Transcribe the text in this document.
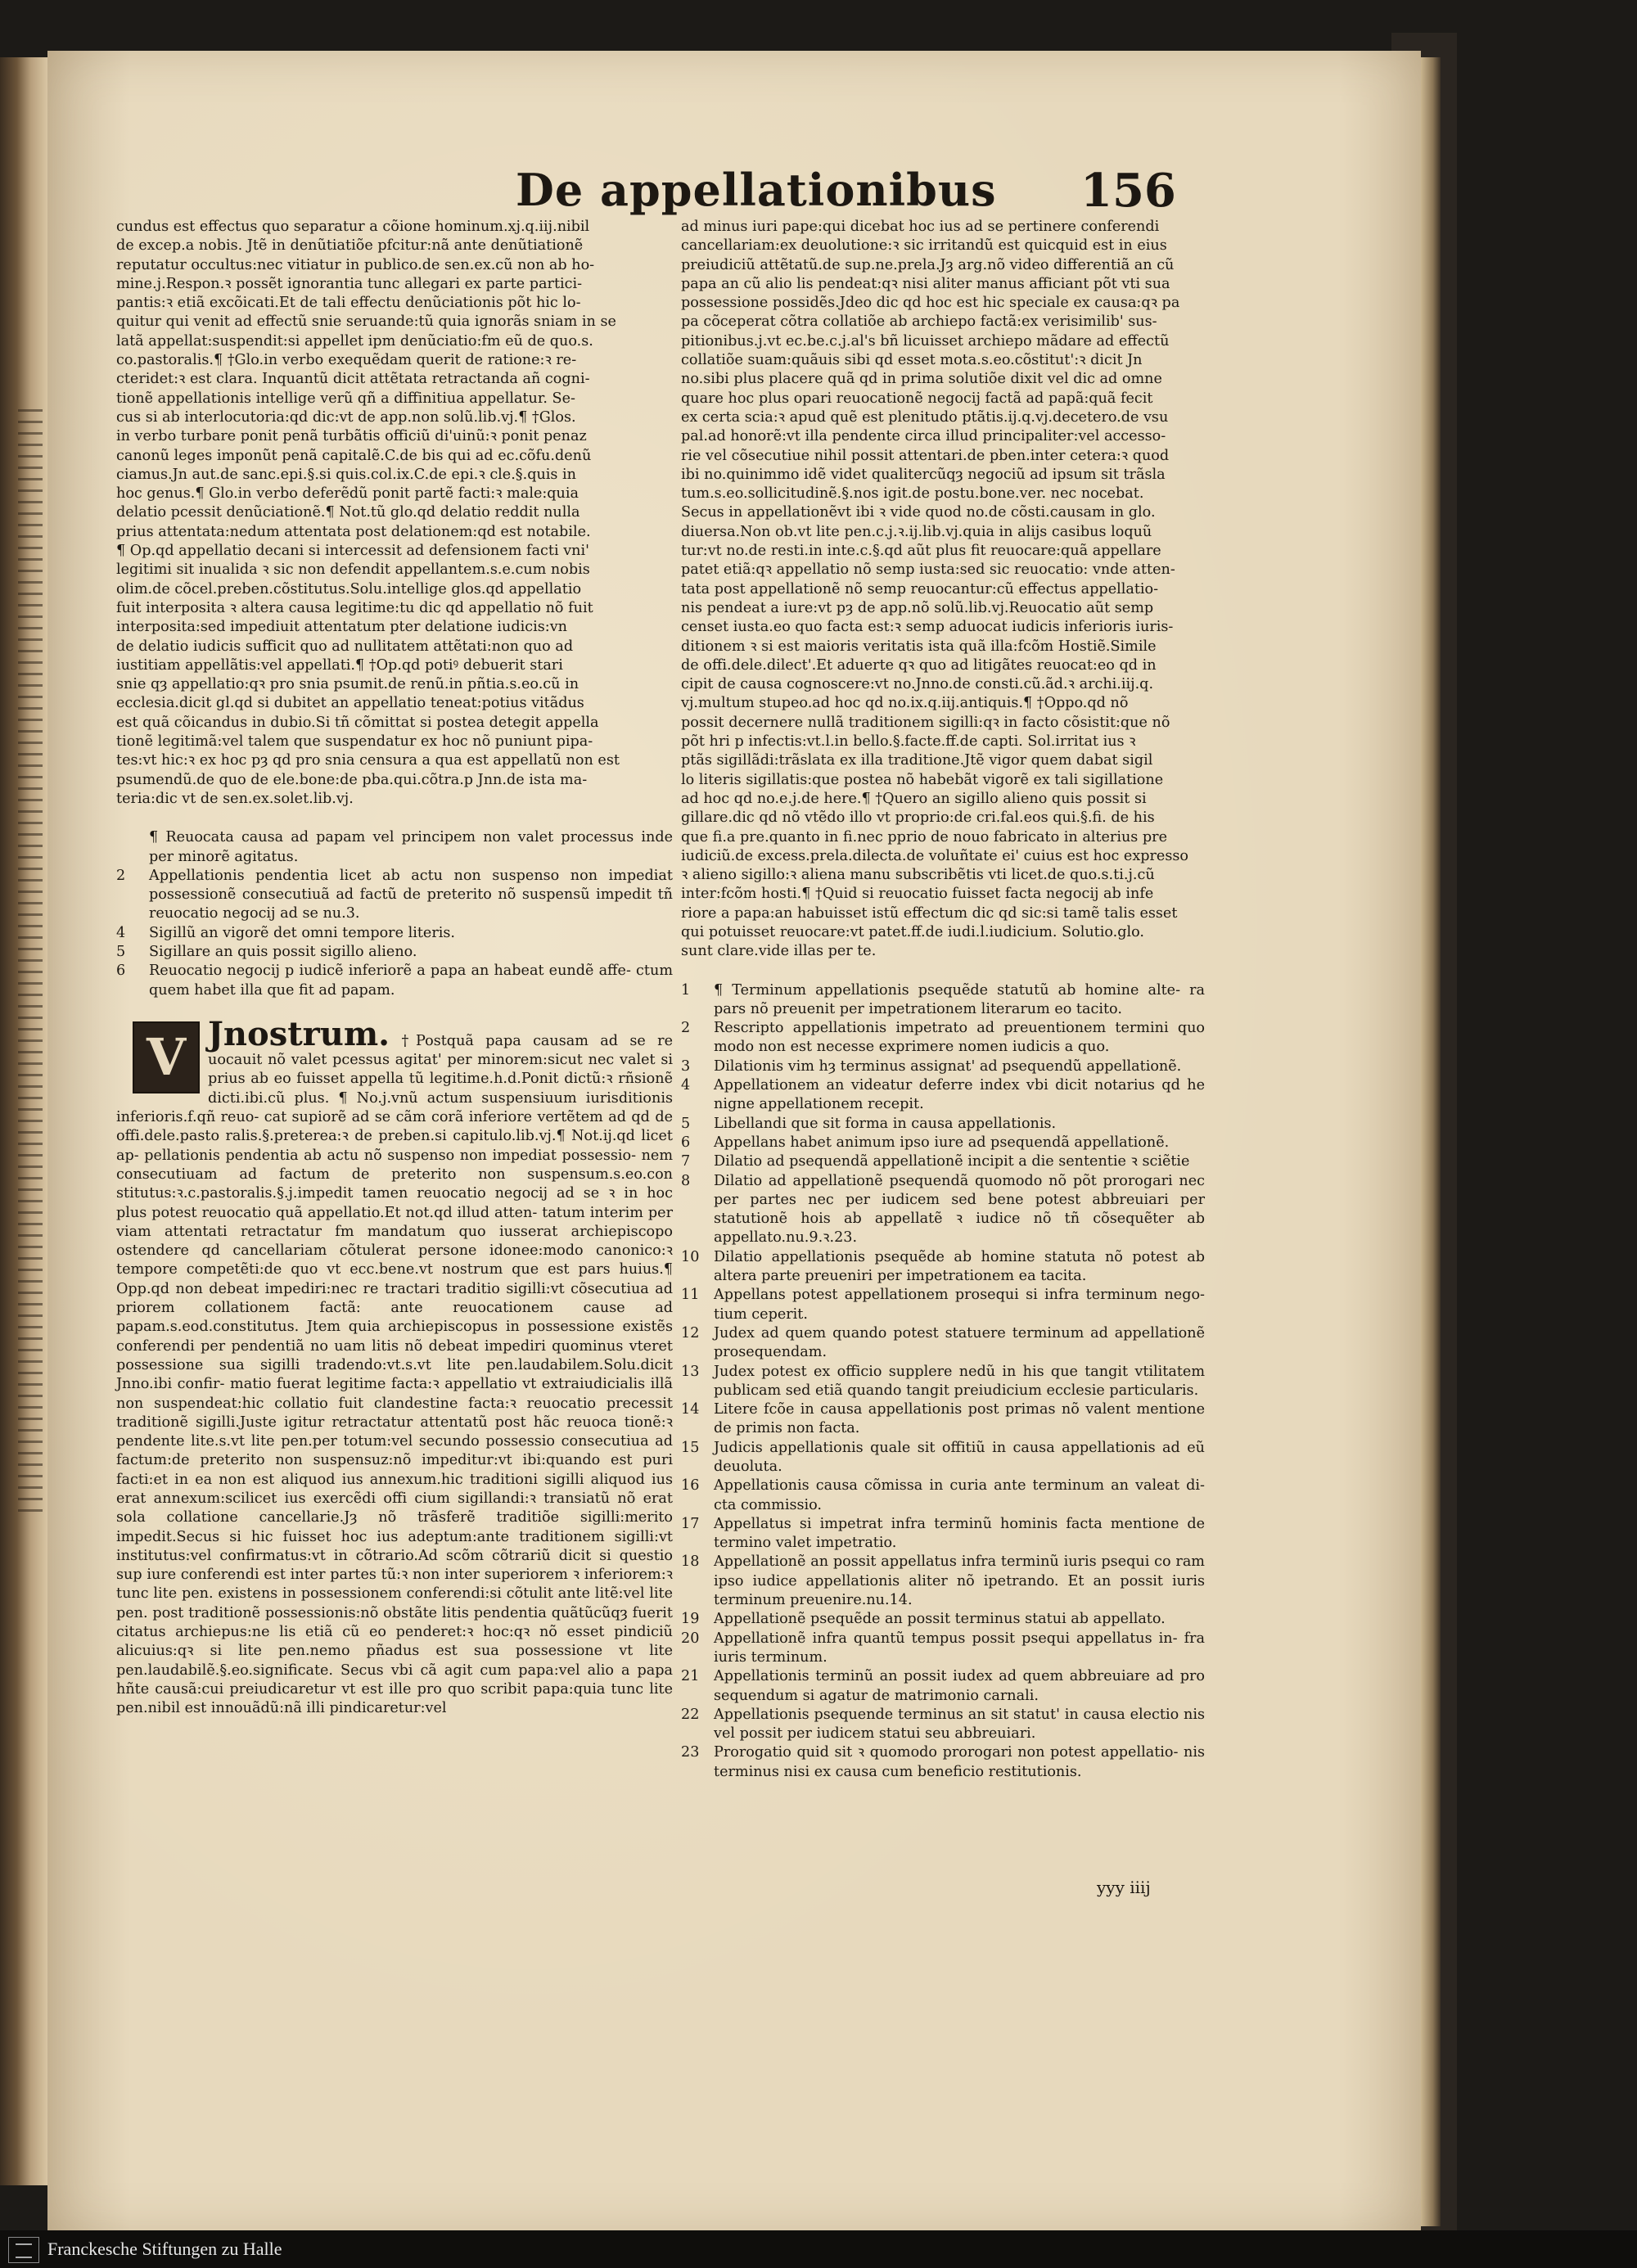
De appellationibus 156

cundus est effectus quo separatur a cõione hominum.xj.q.iij.nibil

de excep.a nobis. Jtẽ in denũtiatiõe pfcitur:nã ante denũtiationẽ

reputatur occultus:nec vitiatur in publico.de sen.ex.cũ non ab ho-

mine.j.Respon.ꝛ possẽt ignorantia tunc allegari ex parte partici-

pantis:ꝛ etiã excõicati.Et de tali effectu denũciationis põt hic lo-

quitur qui venit ad effectũ snie seruande:tũ quia ignorãs sniam in se

latã appellat:suspendit:si appellet ipm denũciatio:fm eũ de quo.s.

co.pastoralis.¶ †Glo.in verbo exequẽdam querit de ratione:ꝛ re-

cteridet:ꝛ est clara. Inquantũ dicit attẽtata retractanda añ cogni-

tionẽ appellationis intellige verũ qñ a diffinitiua appellatur. Se-

cus si ab interlocutoria:qd dic:vt de app.non solũ.lib.vj.¶ †Glos.

in verbo turbare ponit penã turbãtis officiũ di'uinũ:ꝛ ponit penaz

canonũ leges imponũt penã capitalẽ.C.de bis qui ad ec.cõfu.denũ

ciamus.Jn aut.de sanc.epi.§.si quis.col.ix.C.de epi.ꝛ cle.§.quis in

hoc genus.¶ Glo.in verbo deferẽdũ ponit partẽ facti:ꝛ male:quia

delatio pcessit denũciationẽ.¶ Not.tũ glo.qd delatio reddit nulla

prius attentata:nedum attentata post delationem:qd est notabile.

¶ Op.qd appellatio decani si intercessit ad defensionem facti vni'

legitimi sit inualida ꝛ sic non defendit appellantem.s.e.cum nobis

olim.de cõcel.preben.cõstitutus.Solu.intellige glos.qd appellatio

fuit interposita ꝛ altera causa legitime:tu dic qd appellatio nõ fuit

interposita:sed impediuit attentatum pter delatione iudicis:vn

de delatio iudicis sufficit quo ad nullitatem attẽtati:non quo ad

iustitiam appellãtis:vel appellati.¶ †Op.qd potiꝰ debuerit stari

snie qȝ appellatio:qꝛ pro snia psumit.de renũ.in pñtia.s.eo.cũ in

ecclesia.dicit gl.qd si dubitet an appellatio teneat:potius vitãdus

est quã cõicandus in dubio.Si tñ cõmittat si postea detegit appella

tionẽ legitimã:vel talem que suspendatur ex hoc nõ puniunt pipa-

tes:vt hic:ꝛ ex hoc pȝ qd pro snia censura a qua est appellatũ non est

psumendũ.de quo de ele.bone:de pba.qui.cõtra.p Jnn.de ista ma-

teria:dic vt de sen.ex.solet.lib.vj.

¶ Reuocata causa ad papam vel principem non valet processus inde per minorẽ agitatus.
2	Appellationis pendentia licet ab actu non suspenso non impediat possessionẽ consecutiuã ad factũ de preterito nõ suspensũ impedit tñ reuocatio negocij ad se nu.3.
4	Sigillũ an vigorẽ det omni tempore literis.
5	Sigillare an quis possit sigillo alieno.
6	Reuocatio negocij p iudicẽ inferiorẽ a papa an habeat eundẽ affe- ctum quem habet illa que fit ad papam.
V Jnostrum. †Postquã papa causam ad se re uocauit nõ valet pcessus agitat' per minorem:sicut nec valet si prius ab eo fuisset appella tũ legitime.h.d.Ponit dictũ:ꝛ rñsionẽ dicti.ibi.cũ plus. ¶ No.j.vnũ actum suspensiuum iurisditionis inferioris.f.qñ reuo- cat supiorẽ ad se cãm corã inferiore vertẽtem ad qd de offi.dele.pasto ralis.§.preterea:ꝛ de preben.si capitulo.lib.vj.¶ Not.ij.qd licet ap- pellationis pendentia ab actu nõ suspenso non impediat possessio- nem consecutiuam ad factum de preterito non suspensum.s.eo.con stitutus:ꝛ.c.pastoralis.§.j.impedit tamen reuocatio negocij ad se ꝛ in hoc plus potest reuocatio quã appellatio.Et not.qd illud atten- tatum interim per viam attentati retractatur fm mandatum quo iusserat archiepiscopo ostendere qd cancellariam cõtulerat persone idonee:modo canonico:ꝛ tempore competẽti:de quo vt ecc.bene.vt nostrum que est pars huius.¶ Opp.qd non debeat impediri:nec re tractari traditio sigilli:vt cõsecutiua ad priorem collationem factã: ante reuocationem cause ad papam.s.eod.constitutus. Jtem quia archiepiscopus in possessione existẽs conferendi per pendentiã no uam litis nõ debeat impediri quominus vteret possessione sua sigilli tradendo:vt.s.vt lite pen.laudabilem.Solu.dicit Jnno.ibi confir- matio fuerat legitime facta:ꝛ appellatio vt extraiudicialis illã non suspendeat:hic collatio fuit clandestine facta:ꝛ reuocatio precessit traditionẽ sigilli.Juste igitur retractatur attentatũ post hãc reuoca tionẽ:ꝛ pendente lite.s.vt lite pen.per totum:vel secundo possessio consecutiua ad factum:de preterito non suspensuz:nõ impeditur:vt ibi:quando est puri facti:et in ea non est aliquod ius annexum.hic traditioni sigilli aliquod ius erat annexum:scilicet ius exercẽdi offi cium sigillandi:ꝛ transiatũ nõ erat sola collatione cancellarie.Jȝ nõ trãsferẽ traditiõe sigilli:merito impedit.Secus si hic fuisset hoc ius adeptum:ante traditionem sigilli:vt institutus:vel confirmatus:vt in cõtrario.Ad scõm cõtrariũ dicit si questio sup iure conferendi est inter partes tũ:ꝛ non inter superiorem ꝛ inferiorem:ꝛ tunc lite pen. existens in possessionem conferendi:si cõtulit ante litẽ:vel lite pen. post traditionẽ possessionis:nõ obstãte litis pendentia quãtũcũqȝ fuerit citatus archiepus:ne lis etiã cũ eo penderet:ꝛ hoc:qꝛ nõ esset pindiciũ alicuius:qꝛ si lite pen.nemo pñadus est sua possessione vt lite pen.laudabilẽ.§.eo.significate. Secus vbi cã agit cum papa:vel alio a papa hñte causã:cui preiudicaretur vt est ille pro quo scribit papa:quia tunc lite pen.nibil est innouãdũ:nã illi pindicaretur:vel

ad minus iuri pape:qui dicebat hoc ius ad se pertinere conferendi

cancellariam:ex deuolutione:ꝛ sic irritandũ est quicquid est in eius

preiudiciũ attẽtatũ.de sup.ne.prela.Jȝ arg.nõ video differentiã an cũ

papa an cũ alio lis pendeat:qꝛ nisi aliter manus afficiant põt vti sua

possessione possidẽs.Jdeo dic qd hoc est hic speciale ex causa:qꝛ pa

pa cõceperat cõtra collatiõe ab archiepo factã:ex verisimilib' sus-

pitionibus.j.vt ec.be.c.j.al's bñ licuisset archiepo mãdare ad effectũ

collatiõe suam:quãuis sibi qd esset mota.s.eo.cõstitut':ꝛ dicit Jn

no.sibi plus placere quã qd in prima solutiõe dixit vel dic ad omne

quare hoc plus opari reuocationẽ negocij factã ad papã:quã fecit

ex certa scia:ꝛ apud quẽ est plenitudo ptãtis.ij.q.vj.decetero.de vsu

pal.ad honorẽ:vt illa pendente circa illud principaliter:vel accesso-

rie vel cõsecutiue nihil possit attentari.de pben.inter cetera:ꝛ quod

ibi no.quinimmo idẽ videt qualitercũqȝ negociũ ad ipsum sit trãsla

tum.s.eo.sollicitudinẽ.§.nos igit.de postu.bone.ver. nec nocebat.

Secus in appellationẽvt ibi ꝛ vide quod no.de cõsti.causam in glo.

diuersa.Non ob.vt lite pen.c.j.ꝛ.ij.lib.vj.quia in alijs casibus loquũ

tur:vt no.de resti.in inte.c.§.qd aũt plus fit reuocare:quã appellare

patet etiã:qꝛ appellatio nõ semp iusta:sed sic reuocatio: vnde atten-

tata post appellationẽ nõ semp reuocantur:cũ effectus appellatio-

nis pendeat a iure:vt pȝ de app.nõ solũ.lib.vj.Reuocatio aũt semp

censet iusta.eo quo facta est:ꝛ semp aduocat iudicis inferioris iuris-

ditionem ꝛ si est maioris veritatis ista quã illa:fcõm Hostiẽ.Simile

de offi.dele.dilect'.Et aduerte qꝛ quo ad litigãtes reuocat:eo qd in

cipit de causa cognoscere:vt no.Jnno.de consti.cũ.ãd.ꝛ archi.iij.q.

vj.multum stupeo.ad hoc qd no.ix.q.iij.antiquis.¶ †Oppo.qd nõ

possit decernere nullã traditionem sigilli:qꝛ in facto cõsistit:que nõ

põt hri p infectis:vt.l.in bello.§.facte.ff.de capti. Sol.irritat ius ꝛ

ptãs sigillãdi:trãslata ex illa traditione.Jtẽ vigor quem dabat sigil

lo literis sigillatis:que postea nõ habebãt vigorẽ ex tali sigillatione

ad hoc qd no.e.j.de here.¶ †Quero an sigillo alieno quis possit si

gillare.dic qd nõ vtẽdo illo vt proprio:de cri.fal.eos qui.§.fi. de his

que fi.a pre.quanto in fi.nec pprio de nouo fabricato in alterius pre

iudiciũ.de excess.prela.dilecta.de voluñtate ei' cuius est hoc expresso

ꝛ alieno sigillo:ꝛ aliena manu subscribẽtis vti licet.de quo.s.ti.j.cũ

inter:fcõm hosti.¶ †Quid si reuocatio fuisset facta negocij ab infe

riore a papa:an habuisset istũ effectum dic qd sic:si tamẽ talis esset

qui potuisset reuocare:vt patet.ff.de iudi.l.iudicium. Solutio.glo.

sunt clare.vide illas per te.

1	¶ Terminum appellationis psequẽde statutũ ab homine alte- ra pars nõ preuenit per impetrationem literarum eo tacito.
2	Rescripto appellationis impetrato ad preuentionem termini quo modo non est necesse exprimere nomen iudicis a quo.
3	Dilationis vim hȝ terminus assignat' ad psequendũ appellationẽ.
4	Appellationem an videatur deferre index vbi dicit notarius qd he nigne appellationem recepit.
5	Libellandi que sit forma in causa appellationis.
6	Appellans habet animum ipso iure ad psequendã appellationẽ.
7	Dilatio ad psequendã appellationẽ incipit a die sententie ꝛ sciẽtie
8	Dilatio ad appellationẽ psequendã quomodo nõ põt prorogari nec per partes nec per iudicem sed bene potest abbreuiari per statutionẽ hois ab appellatẽ ꝛ iudice nõ tñ cõsequẽter ab appellato.nu.9.ꝛ.23.
10	Dilatio appellationis psequẽde ab homine statuta nõ potest ab altera parte preueniri per impetrationem ea tacita.
11	Appellans potest appellationem prosequi si infra terminum nego- tium ceperit.
12	Judex ad quem quando potest statuere terminum ad appellationẽ prosequendam.
13	Judex potest ex officio supplere nedũ in his que tangit vtilitatem publicam sed etiã quando tangit preiudicium ecclesie particularis.
14	Litere fcõe in causa appellationis post primas nõ valent mentione de primis non facta.
15	Judicis appellationis quale sit offitiũ in causa appellationis ad eũ deuoluta.
16	Appellationis causa cõmissa in curia ante terminum an valeat di- cta commissio.
17	Appellatus si impetrat infra terminũ hominis facta mentione de termino valet impetratio.
18	Appellationẽ an possit appellatus infra terminũ iuris psequi co ram ipso iudice appellationis aliter nõ ipetrando. Et an possit iuris terminum preuenire.nu.14.
19	Appellationẽ psequẽde an possit terminus statui ab appellato.
20	Appellationẽ infra quantũ tempus possit psequi appellatus in- fra iuris terminum.
21	Appellationis terminũ an possit iudex ad quem abbreuiare ad pro sequendum si agatur de matrimonio carnali.
22	Appellationis psequende terminus an sit statut' in causa electio nis vel possit per iudicem statui seu abbreuiari.
23	Prorogatio quid sit ꝛ quomodo prorogari non potest appellatio- nis terminus nisi ex causa cum beneficio restitutionis.
yyy iiij
Franckesche Stiftungen zu Halle
